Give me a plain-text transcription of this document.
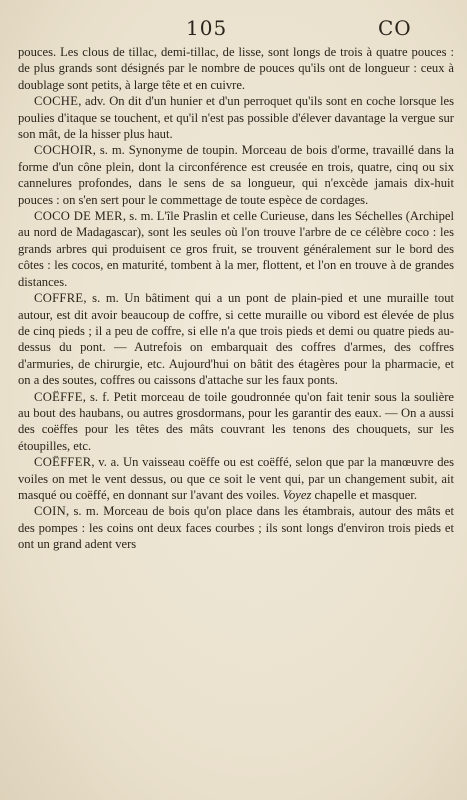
105	CO

pouces. Les clous de tillac, demi-tillac, de lisse, sont longs de trois à quatre pouces : de plus grands sont désignés par le nombre de pouces qu'ils ont de longueur : ceux à doublage sont petits, à large tête et en cuivre.

COCHE, adv. On dit d'un hunier et d'un perroquet qu'ils sont en coche lorsque les poulies d'itaque se touchent, et qu'il n'est pas possible d'élever davantage la vergue sur son mât, de la hisser plus haut.

COCHOIR, s. m. Synonyme de toupin. Morceau de bois d'orme, travaillé dans la forme d'un cône plein, dont la circonférence est creusée en trois, quatre, cinq ou six cannelures profondes, dans le sens de sa longueur, qui n'excède jamais dix-huit pouces : on s'en sert pour le commettage de toute espèce de cordages.

COCO DE MER, s. m. L'île Praslin et celle Curieuse, dans les Séchelles (Archipel au nord de Madagascar), sont les seules où l'on trouve l'arbre de ce célèbre coco : les grands arbres qui produisent ce gros fruit, se trouvent généralement sur le bord des côtes : les cocos, en maturité, tombent à la mer, flottent, et l'on en trouve à de grandes distances.

COFFRE, s. m. Un bâtiment qui a un pont de plain-pied et une muraille tout autour, est dit avoir beaucoup de coffre, si cette muraille ou vibord est élevée de plus de cinq pieds ; il a peu de coffre, si elle n'a que trois pieds et demi ou quatre pieds au-dessus du pont. — Autrefois on embarquait des coffres d'armes, des coffres d'armuries, de chirurgie, etc. Aujourd'hui on bâtit des étagères pour la pharmacie, et on a des soutes, coffres ou caissons d'attache sur les faux ponts.

COËFFE, s. f. Petit morceau de toile goudronnée qu'on fait tenir sous la soulière au bout des haubans, ou autres grosdormans, pour les garantir des eaux. — On a aussi des coëffes pour les têtes des mâts couvrant les tenons des chouquets, sur les étoupilles, etc.

COËFFER, v. a. Un vaisseau coëffe ou est coëffé, selon que par la manœuvre des voiles on met le vent dessus, ou que ce soit le vent qui, par un changement subit, ait masqué ou coëffé, en donnant sur l'avant des voiles. Voyez chapelle et masquer.

COIN, s. m. Morceau de bois qu'on place dans les étambrais, autour des mâts et des pompes : les coins ont deux faces courbes ; ils sont longs d'environ trois pieds et ont un grand adent vers
